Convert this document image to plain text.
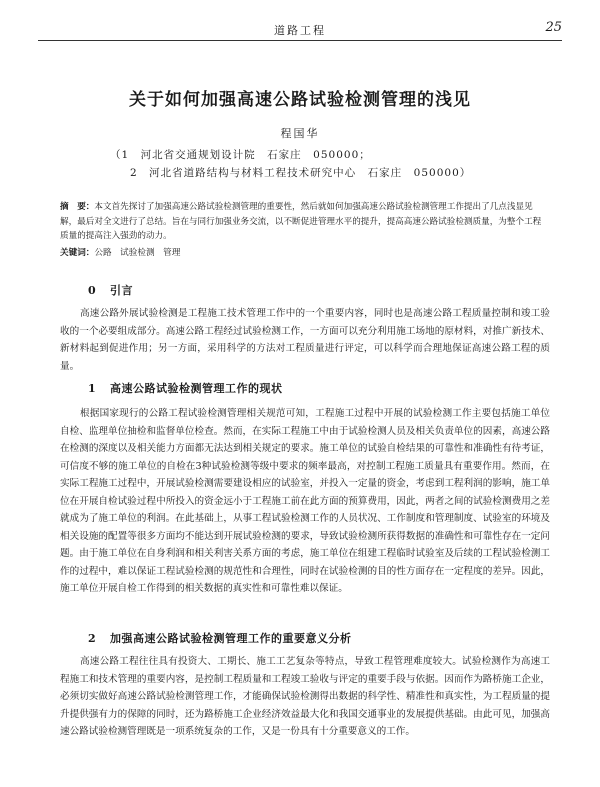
道路工程	25
关于如何加强高速公路试验检测管理的浅见
程国华
（1　河北省交通规划设计院　石家庄　050000；
2　河北省道路结构与材料工程技术研究中心　石家庄　050000）
摘　要：本文首先探讨了加强高速公路试验检测管理的重要性，然后就如何加强高速公路试验检测管理工作提出了几点浅显见解，最后对全文进行了总结。旨在与同行加强业务交流，以不断促进管理水平的提升，提高高速公路试验检测质量，为整个工程质量的提高注入强劲的动力。
关键词：公路　试验检测　管理
0 引言

高速公路外展试验检测是工程施工技术管理工作中的一个重要内容，同时也是高速公路工程质量控制和竣工验收的一个必要组成部分。高速公路工程经过试验检测工作，一方面可以充分利用施工场地的原材料，对推广新技术、新材料起到促进作用；另一方面，采用科学的方法对工程质量进行评定，可以科学而合理地保证高速公路工程的质量。

1 高速公路试验检测管理工作的现状

根据国家现行的公路工程试验检测管理相关规范可知，工程施工过程中开展的试验检测工作主要包括施工单位自检、监理单位抽检和监督单位检查。然而，在实际工程施工中由于试验检测人员及相关负责单位的因素，高速公路在检测的深度以及相关能力方面都无法达到相关规定的要求。施工单位的试验自检结果的可靠性和准确性有待考证，可信度不够的施工单位的自检在3种试验检测等级中要求的频率最高，对控制工程施工质量具有重要作用。然而，在实际工程施工过程中，开展试验检测需要建设相应的试验室，并投入一定量的资金，考虑到工程利润的影响，施工单位在开展自检试验过程中所投入的资金远小于工程施工前在此方面的预算费用，因此，两者之间的试验检测费用之差就成为了施工单位的利润。在此基础上，从事工程试验检测工作的人员状况、工作制度和管理制度、试验室的环境及相关设施的配置等很多方面均不能达到开展试验检测的要求，导致试验检测所获得数据的准确性和可靠性存在一定问题。由于施工单位在自身利润和相关利害关系方面的考虑，施工单位在组建工程临时试验室及后续的工程试验检测工作的过程中，难以保证工程试验检测的规范性和合理性，同时在试验检测的目的性方面存在一定程度的差异。因此，施工单位开展自检工作得到的相关数据的真实性和可靠性难以保证。

2 加强高速公路试验检测管理工作的重要意义分析

高速公路工程往往具有投资大、工期长、施工工艺复杂等特点，导致工程管理难度较大。试验检测作为高速工程施工和技术管理的重要内容，是控制工程质量和工程竣工验收与评定的重要手段与依据。因而作为路桥施工企业，必须切实做好高速公路试验检测管理工作，才能确保试验检测得出数据的科学性、精准性和真实性，为工程质量的提升提供强有力的保障的同时，还为路桥施工企业经济效益最大化和我国交通事业的发展提供基础。由此可见，加强高速公路试验检测管理既是一项系统复杂的工作，又是一份具有十分重要意义的工作。
